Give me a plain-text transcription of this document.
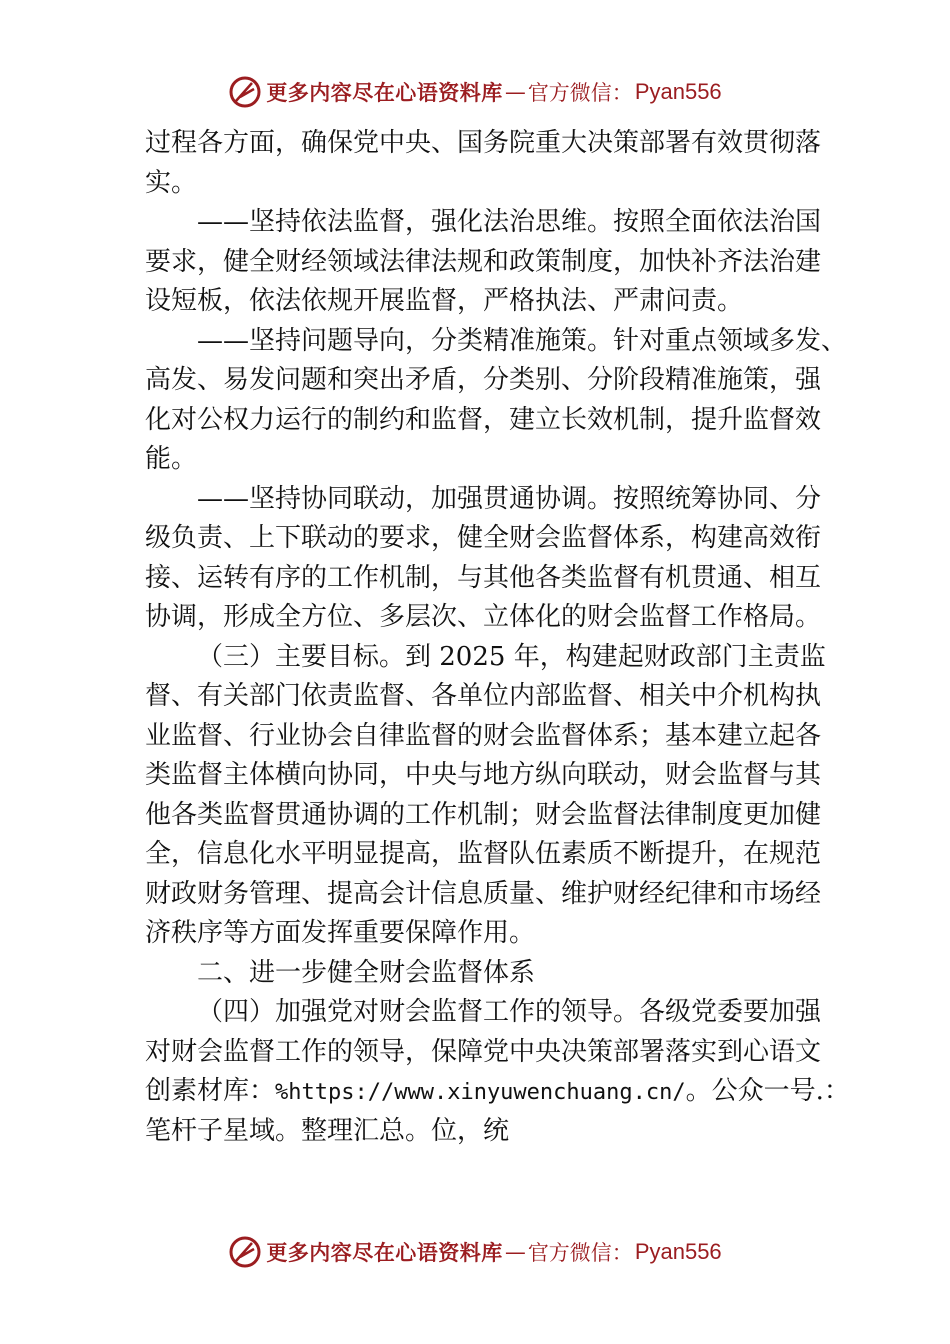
更多内容尽在心语资料库 — 官方微信： Pyan556
过程各方面，确保党中央、国务院重大决策部署有效贯彻落
实。
——坚持依法监督，强化法治思维。按照全面依法治国
要求，健全财经领域法律法规和政策制度，加快补齐法治建
设短板，依法依规开展监督，严格执法、严肃问责。
——坚持问题导向，分类精准施策。针对重点领域多发、
高发、易发问题和突出矛盾，分类别、分阶段精准施策，强
化对公权力运行的制约和监督，建立长效机制，提升监督效
能。
——坚持协同联动，加强贯通协调。按照统筹协同、分
级负责、上下联动的要求，健全财会监督体系，构建高效衔
接、运转有序的工作机制，与其他各类监督有机贯通、相互
协调，形成全方位、多层次、立体化的财会监督工作格局。
（三）主要目标。到 2025 年，构建起财政部门主责监
督、有关部门依责监督、各单位内部监督、相关中介机构执
业监督、行业协会自律监督的财会监督体系；基本建立起各
类监督主体横向协同，中央与地方纵向联动，财会监督与其
他各类监督贯通协调的工作机制；财会监督法律制度更加健
全，信息化水平明显提高，监督队伍素质不断提升，在规范
财政财务管理、提高会计信息质量、维护财经纪律和市场经
济秩序等方面发挥重要保障作用。
二、进一步健全财会监督体系
（四）加强党对财会监督工作的领导。各级党委要加强
对财会监督工作的领导，保障党中央决策部署落实到心语文
创素材库：%https://www.xinyuwenchuang.cn/。公众一号.：
笔杆子星域。整理汇总。位，统
更多内容尽在心语资料库 — 官方微信： Pyan556
